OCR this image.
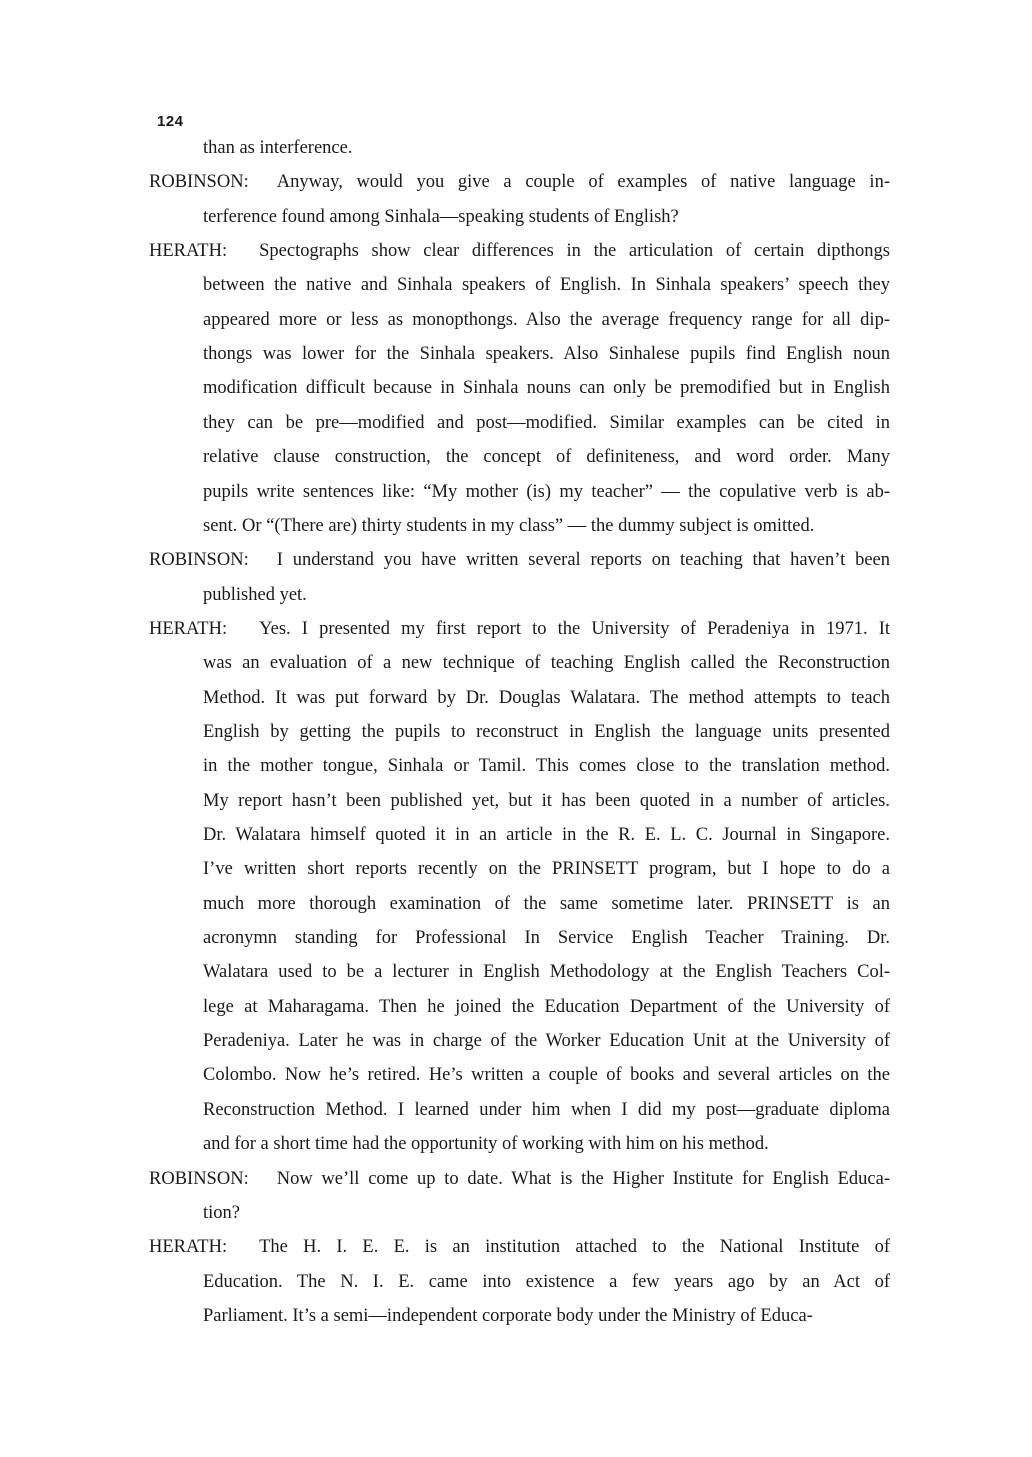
124
than as interference.
ROBINSON: Anyway, would you give a couple of examples of native language in-
terference found among Sinhala—speaking students of English?
HERATH: Spectographs show clear differences in the articulation of certain dipthongs
between the native and Sinhala speakers of English. In Sinhala speakers’ speech they
appeared more or less as monopthongs. Also the average frequency range for all dip-
thongs was lower for the Sinhala speakers. Also Sinhalese pupils find English noun
modification difficult because in Sinhala nouns can only be premodified but in English
they can be pre—modified and post—modified. Similar examples can be cited in
relative clause construction, the concept of definiteness, and word order. Many
pupils write sentences like: “My mother (is) my teacher” — the copulative verb is ab-
sent. Or “(There are) thirty students in my class” — the dummy subject is omitted.
ROBINSON: I understand you have written several reports on teaching that haven’t been
published yet.
HERATH: Yes. I presented my first report to the University of Peradeniya in 1971. It
was an evaluation of a new technique of teaching English called the Reconstruction
Method. It was put forward by Dr. Douglas Walatara. The method attempts to teach
English by getting the pupils to reconstruct in English the language units presented
in the mother tongue, Sinhala or Tamil. This comes close to the translation method.
My report hasn’t been published yet, but it has been quoted in a number of articles.
Dr. Walatara himself quoted it in an article in the R. E. L. C. Journal in Singapore.
I’ve written short reports recently on the PRINSETT program, but I hope to do a
much more thorough examination of the same sometime later. PRINSETT is an
acronymn standing for Professional In Service English Teacher Training. Dr.
Walatara used to be a lecturer in English Methodology at the English Teachers Col-
lege at Maharagama. Then he joined the Education Department of the University of
Peradeniya. Later he was in charge of the Worker Education Unit at the University of
Colombo. Now he’s retired. He’s written a couple of books and several articles on the
Reconstruction Method. I learned under him when I did my post—graduate diploma
and for a short time had the opportunity of working with him on his method.
ROBINSON: Now we’ll come up to date. What is the Higher Institute for English Educa-
tion?
HERATH: The H. I. E. E. is an institution attached to the National Institute of
Education. The N. I. E. came into existence a few years ago by an Act of
Parliament. It’s a semi—independent corporate body under the Ministry of Educa-
